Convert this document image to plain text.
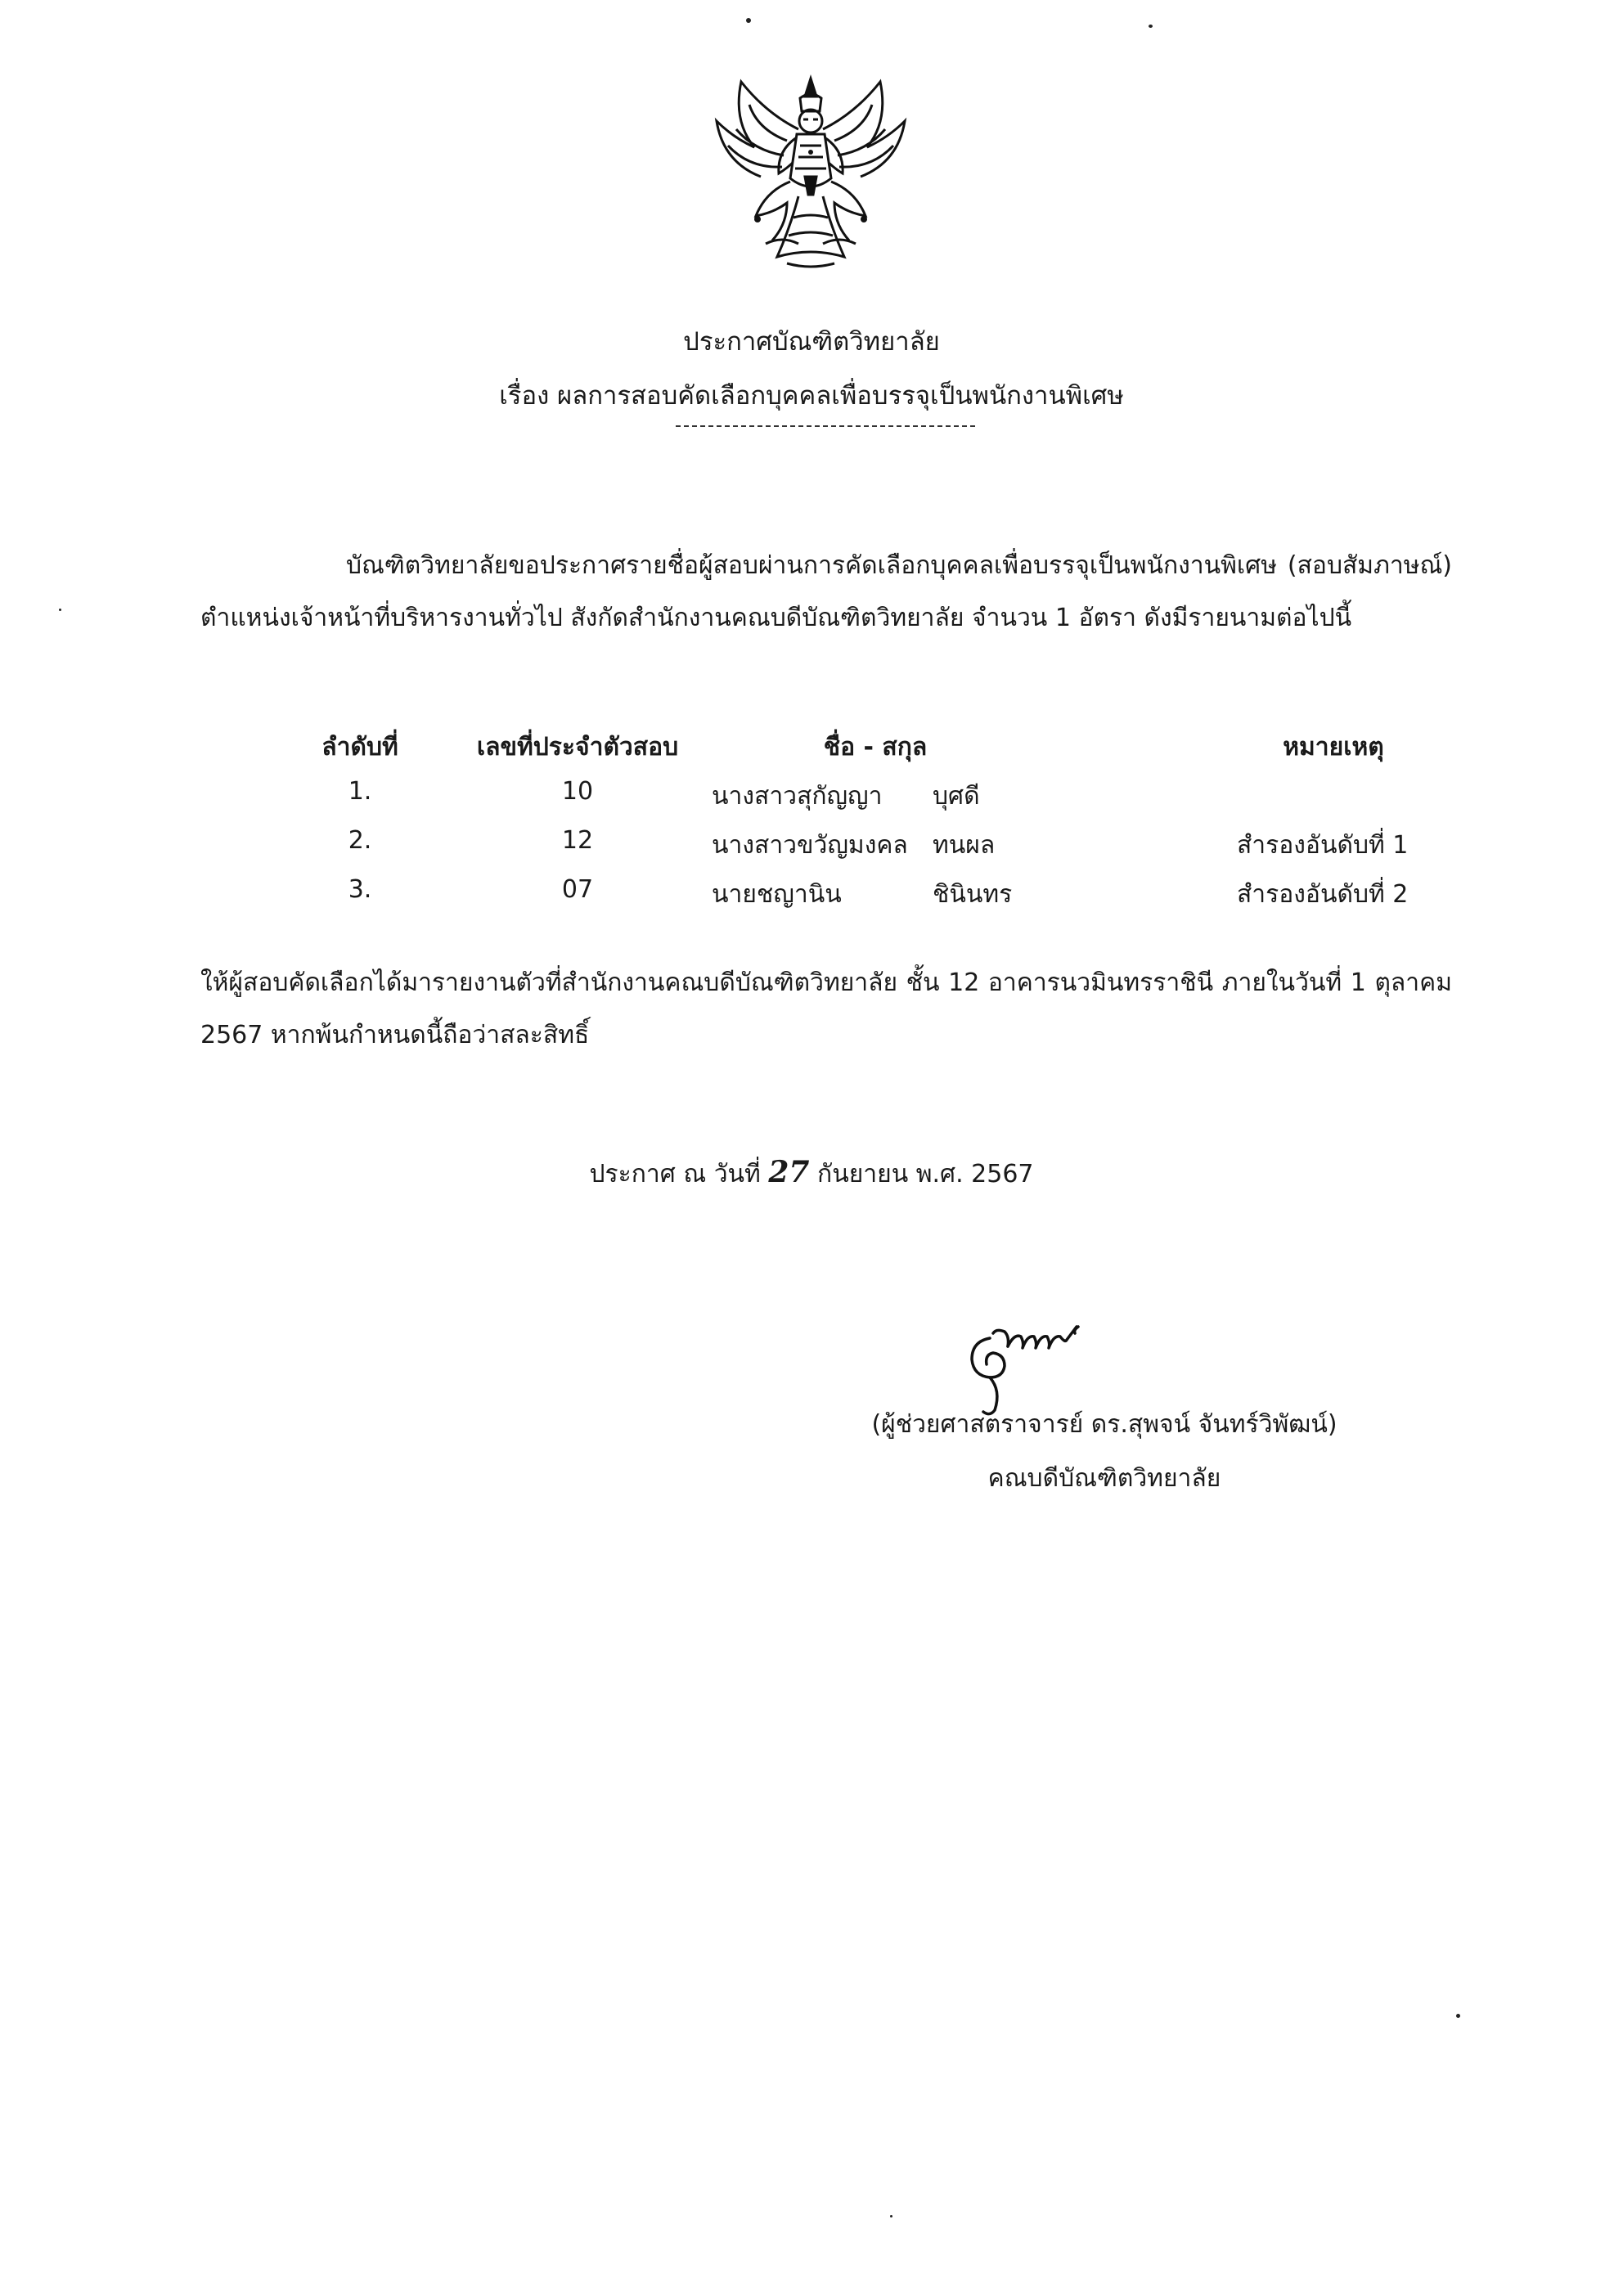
ประกาศบัณฑิตวิทยาลัย
เรื่อง ผลการสอบคัดเลือกบุคคลเพื่อบรรจุเป็นพนักงานพิเศษ
บัณฑิตวิทยาลัยขอประกาศรายชื่อผู้สอบผ่านการคัดเลือกบุคคลเพื่อบรรจุเป็นพนักงานพิเศษ (สอบสัมภาษณ์) ตำแหน่งเจ้าหน้าที่บริหารงานทั่วไป สังกัดสำนักงานคณบดีบัณฑิตวิทยาลัย จำนวน 1 อัตรา ดังมีรายนามต่อไปนี้
ลำดับที่	เลขที่ประจำตัวสอบ	ชื่อ - สกุล	หมายเหตุ
1.	10	นางสาวสุกัญญา บุศดี
2.	12	นางสาวขวัญมงคล ทนผล	สำรองอันดับที่ 1
3.	07	นายชญานิน	ชินินทร	สำรองอันดับที่ 2
ให้ผู้สอบคัดเลือกได้มารายงานตัวที่สำนักงานคณบดีบัณฑิตวิทยาลัย ชั้น 12 อาคารนวมินทรราชินี ภายในวันที่ 1 ตุลาคม 2567 หากพ้นกำหนดนี้ถือว่าสละสิทธิ์
ประกาศ ณ วันที่ 27 กันยายน พ.ศ. 2567
(ผู้ช่วยศาสตราจารย์ ดร.สุพจน์ จันทร์วิพัฒน์)
คณบดีบัณฑิตวิทยาลัย
